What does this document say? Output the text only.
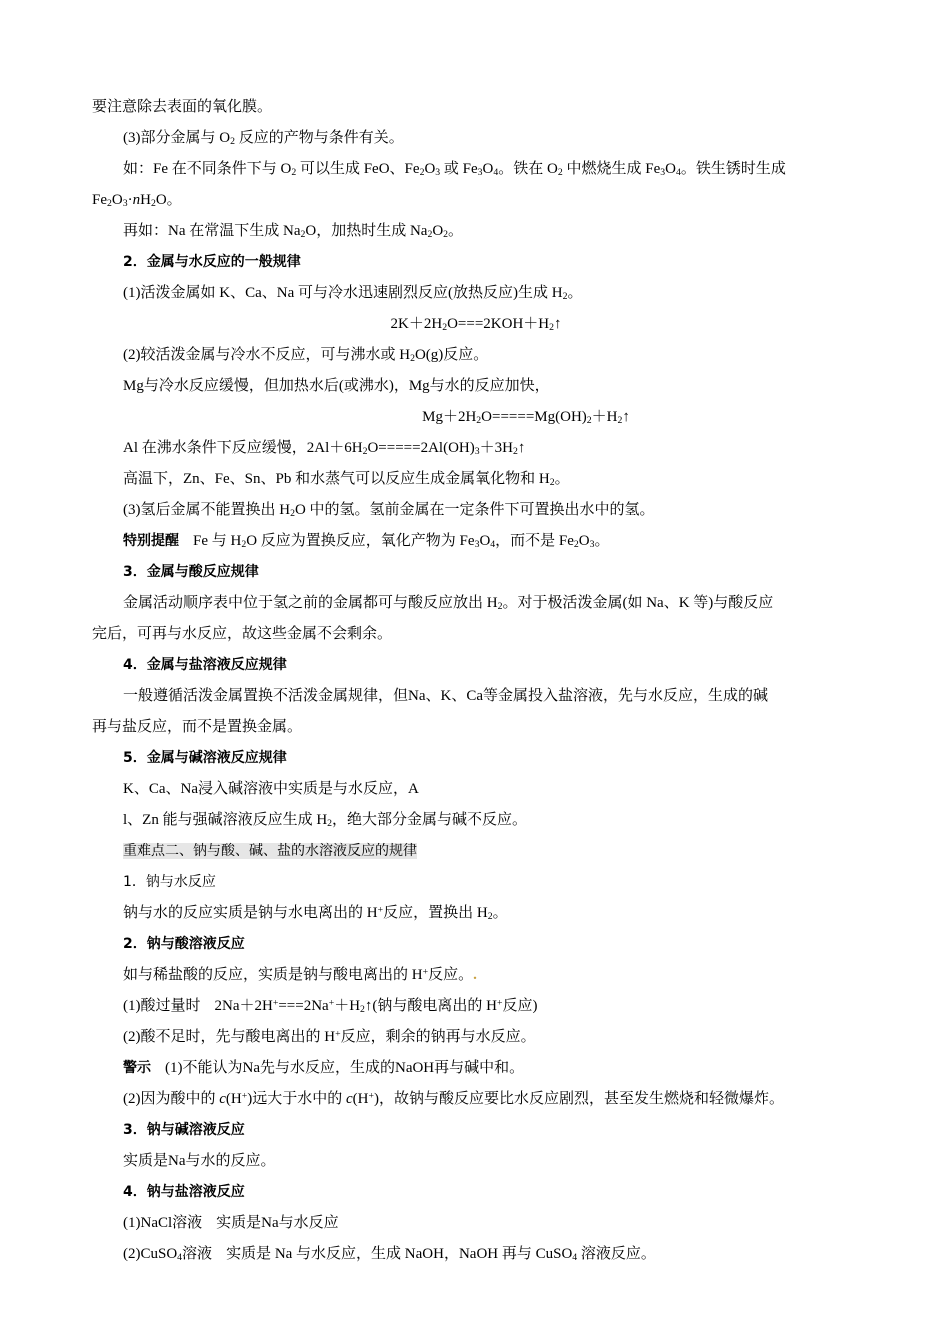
要注意除去表面的氧化膜。
(3)部分金属与 $O_2$ 反应的产物与条件有关。
如：Fe 在不同条件下与 $O_2$ 可以生成 FeO、$Fe_2O_3$ 或 $Fe_3O_4$。铁在 $O_2$ 中燃烧生成 $Fe_3O_4$。铁生锈时生成
$Fe_2O_3\cdot nH_2O$。
再如：Na 在常温下生成 $Na_2O$，加热时生成 $Na_2O_2$。
2．金属与水反应的一般规律
(1)活泼金属如 K、Ca、Na 可与冷水迅速剧烈反应(放热反应)生成 $H_2$。
$2K+2H_2O===2KOH+H_2↑$
(2)较活泼金属与冷水不反应，可与沸水或 $H_2O(g)$反应。
Mg与冷水反应缓慢，但加热水后(或沸水)，Mg与水的反应加快，
$Mg+2H_2O=====Mg(OH)_2+H_2↑$
Al 在沸水条件下反应缓慢，$2Al+6H_2O=====2Al(OH)_3+3H_2↑$
高温下，Zn、Fe、Sn、Pb 和水蒸气可以反应生成金属氧化物和 $H_2$。
(3)氢后金属不能置换出 $H_2O$ 中的氢。氢前金属在一定条件下可置换出水中的氢。
特别提醒 Fe 与 $H_2O$ 反应为置换反应，氧化产物为 $Fe_3O_4$，而不是 $Fe_2O_3$。
3．金属与酸反应规律
金属活动顺序表中位于氢之前的金属都可与酸反应放出 $H_2$。对于极活泼金属(如 Na、K 等)与酸反应
完后，可再与水反应，故这些金属不会剩余。
4．金属与盐溶液反应规律
一般遵循活泼金属置换不活泼金属规律，但Na、K、Ca等金属投入盐溶液，先与水反应，生成的碱
再与盐反应，而不是置换金属。
5．金属与碱溶液反应规律
K、Ca、Na浸入碱溶液中实质是与水反应，A
l、Zn 能与强碱溶液反应生成 $H_2$，绝大部分金属与碱不反应。
重难点二、钠与酸、碱、盐的水溶液反应的规律
1．钠与水反应
钠与水的反应实质是钠与水电离出的 H+反应，置换出 $H_2$。
2．钠与酸溶液反应
如与稀盐酸的反应，实质是钠与酸电离出的 H+反应。.
(1)酸过量时 $2Na+2H^+===2Na^++H_2↑$(钠与酸电离出的 H+反应)
(2)酸不足时，先与酸电离出的 H+反应，剩余的钠再与水反应。
警示 (1)不能认为Na先与水反应，生成的NaOH再与碱中和。
(2)因为酸中的 c(H+)远大于水中的 c(H+)，故钠与酸反应要比水反应剧烈，甚至发生燃烧和轻微爆炸。
3．钠与碱溶液反应
实质是Na与水的反应。
4．钠与盐溶液反应
(1)NaCl溶液 实质是Na与水反应
(2)CuSO$_4$溶液 实质是 Na 与水反应，生成 NaOH，NaOH 再与 CuSO$_4$ 溶液反应。
